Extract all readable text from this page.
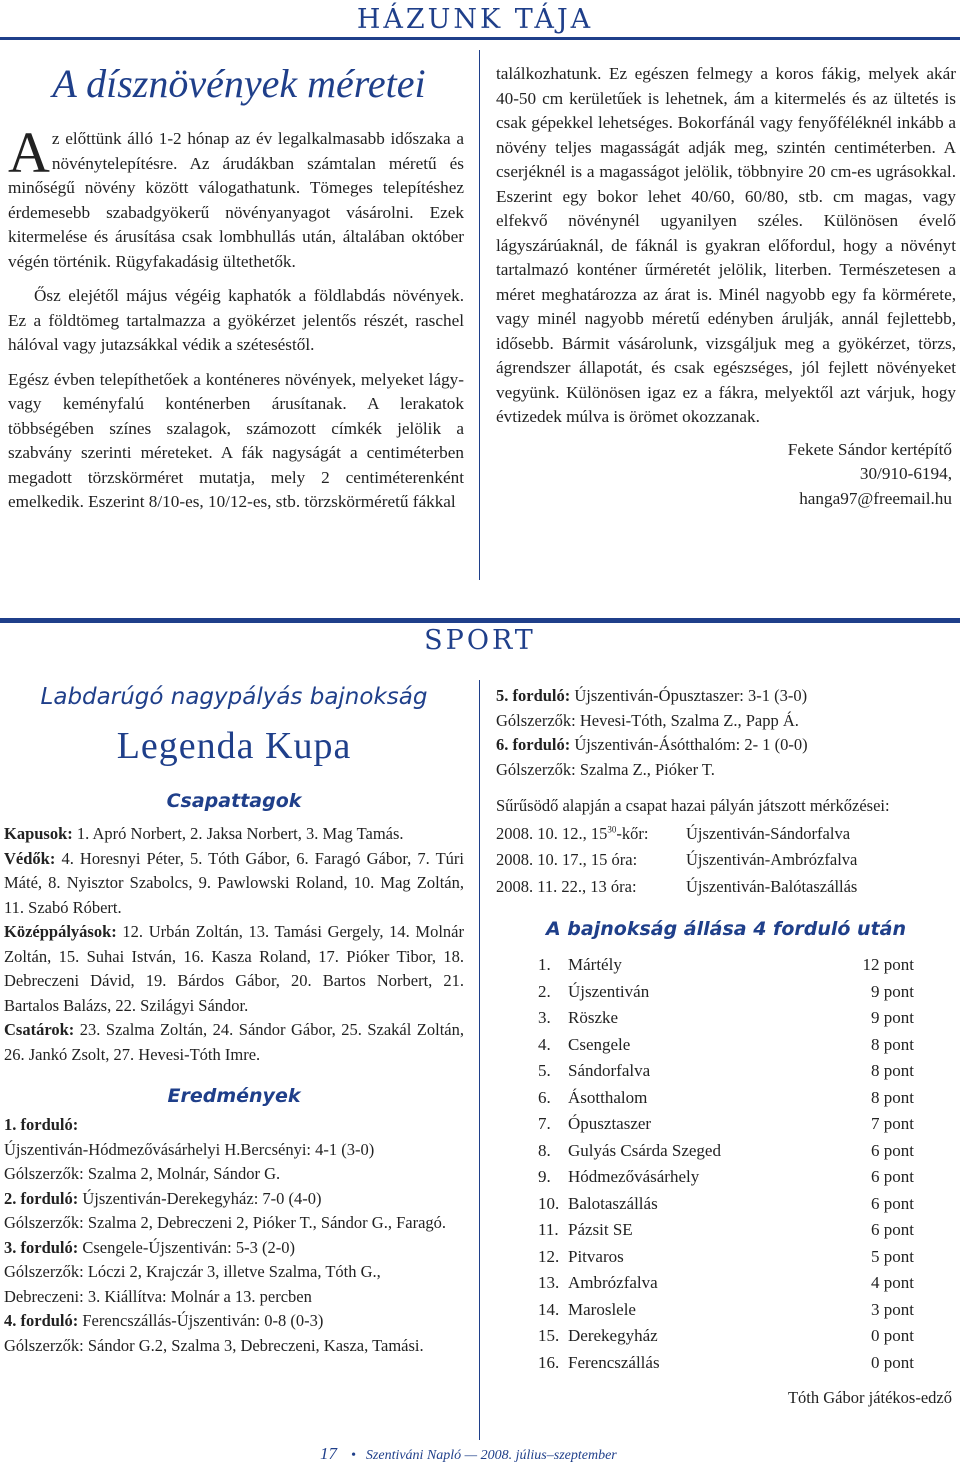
HÁZUNK TÁJA
A dísznövények méretei

Az előttünk álló 1-2 hónap az év legalkalmasabb időszaka a növénytelepítésre. Az árudákban számtalan méretű és minőségű növény között válogathatunk. Tömeges telepítéshez érdemesebb szabadgyökerű növényanyagot vásárolni. Ezek kitermelése és árusítása csak lombhullás után, általában október végén történik. Rügyfakadásig ültethetők.

Ősz elejétől május végéig kaphatók a földlabdás növények. Ez a földtömeg tartalmazza a gyökérzet jelentős részét, raschel hálóval vagy jutazsákkal védik a széteséstől.

Egész évben telepíthetőek a konténeres növények, melyeket lágy-vagy keményfalú konténerben árusítanak. A lerakatok többségében színes szalagok, számozott címkék jelölik a szabvány szerinti méreteket. A fák nagyságát a centiméterben megadott törzskörméret mutatja, mely 2 centiméterenként emelkedik. Eszerint 8/10-es, 10/12-es, stb. törzskörméretű fákkal

találkozhatunk. Ez egészen felmegy a koros fákig, melyek akár 40-50 cm kerületűek is lehetnek, ám a kitermelés és az ültetés is csak gépekkel lehetséges. Bokorfánál vagy fenyőféléknél inkább a növény teljes magasságát adják meg, szintén centiméterben. A cserjéknél is a magasságot jelölik, többnyire 20 cm-es ugrásokkal. Eszerint egy bokor lehet 40/60, 60/80, stb. cm magas, vagy elfekvő növénynél ugyanilyen széles. Különösen évelő lágyszárúaknál, de fáknál is gyakran előfordul, hogy a növényt tartalmazó konténer űrméretét jelölik, literben. Természetesen a méret meghatározza az árat is. Minél nagyobb egy fa körmérete, vagy minél nagyobb méretű edényben árulják, annál fejlettebb, idősebb. Bármit vásárolunk, vizsgáljuk meg a gyökérzet, törzs, ágrendszer állapotát, és csak egészséges, jól fejlett növényeket vegyünk. Különösen igaz ez a fákra, melyektől azt várjuk, hogy évtizedek múlva is örömet okozzanak.

Fekete Sándor kertépítő
30/910-6194,
hanga97@freemail.hu
SPORT
Labdarúgó nagypályás bajnokság
Legenda Kupa
Csapattagok
Kapusok: 1. Apró Norbert, 2. Jaksa Norbert, 3. Mag Tamás.
Védők: 4. Horesnyi Péter, 5. Tóth Gábor, 6. Faragó Gábor, 7. Túri Máté, 8. Nyisztor Szabolcs, 9. Pawlowski Roland, 10. Mag Zoltán, 11. Szabó Róbert.
Középpályások: 12. Urbán Zoltán, 13. Tamási Gergely, 14. Molnár Zoltán, 15. Suhai István, 16. Kasza Roland, 17. Pióker Tibor, 18. Debreczeni Dávid, 19. Bárdos Gábor, 20. Bartos Norbert, 21. Bartalos Balázs, 22. Szilágyi Sándor.
Csatárok: 23. Szalma Zoltán, 24. Sándor Gábor, 25. Szakál Zoltán, 26. Jankó Zsolt, 27. Hevesi-Tóth Imre.
Eredmények
1. forduló:
Újszentiván-Hódmezővásárhelyi H.Bercsényi: 4-1 (3-0)
Gólszerzők: Szalma 2, Molnár, Sándor G.
2. forduló: Újszentiván-Derekegyház: 7-0 (4-0)
Gólszerzők: Szalma 2, Debreczeni 2, Pióker T., Sándor G., Faragó.
3. forduló: Csengele-Újszentiván: 5-3 (2-0)
Gólszerzők: Lóczi 2, Krajczár 3, illetve Szalma, Tóth G., Debreczeni: 3. Kiállítva: Molnár a 13. percben
4. forduló: Ferencszállás-Újszentiván: 0-8 (0-3)
Gólszerzők: Sándor G.2, Szalma 3, Debreczeni, Kasza, Tamási.
5. forduló: Újszentiván-Ópusztaszer: 3-1 (3-0)
Gólszerzők: Hevesi-Tóth, Szalma Z., Papp Á.
6. forduló: Újszentiván-Ásótthalóm: 2- 1 (0-0)
Gólszerzők: Szalma Z., Pióker T.
Sűrűsödő alapján a csapat hazai pályán játszott mérkőzései:
2008. 10. 12., $15^{30}$-kőr:	Újszentiván-Sándorfalva
2008. 10. 17., 15 óra:	Újszentiván-Ambrózfalva
2008. 11. 22., 13 óra:	Újszentiván-Balótaszállás
A bajnokság állása 4 forduló után
1.	Mártély	12 pont
2.	Újszentiván	9 pont
3.	Röszke	9 pont
4.	Csengele	8 pont
5.	Sándorfalva	8 pont
6.	Ásotthalom	8 pont
7.	Ópusztaszer	7 pont
8.	Gulyás Csárda Szeged	6 pont
9.	Hódmezővásárhely	6 pont
10.	Balotaszállás	6 pont
11.	Pázsit SE	6 pont
12.	Pitvaros	5 pont
13.	Ambrózfalva	4 pont
14.	Maroslele	3 pont
15.	Derekegyház	0 pont
16.	Ferencszállás	0 pont
Tóth Gábor játékos-edző
17 • Szentiváni Napló — 2008. július–szeptember
